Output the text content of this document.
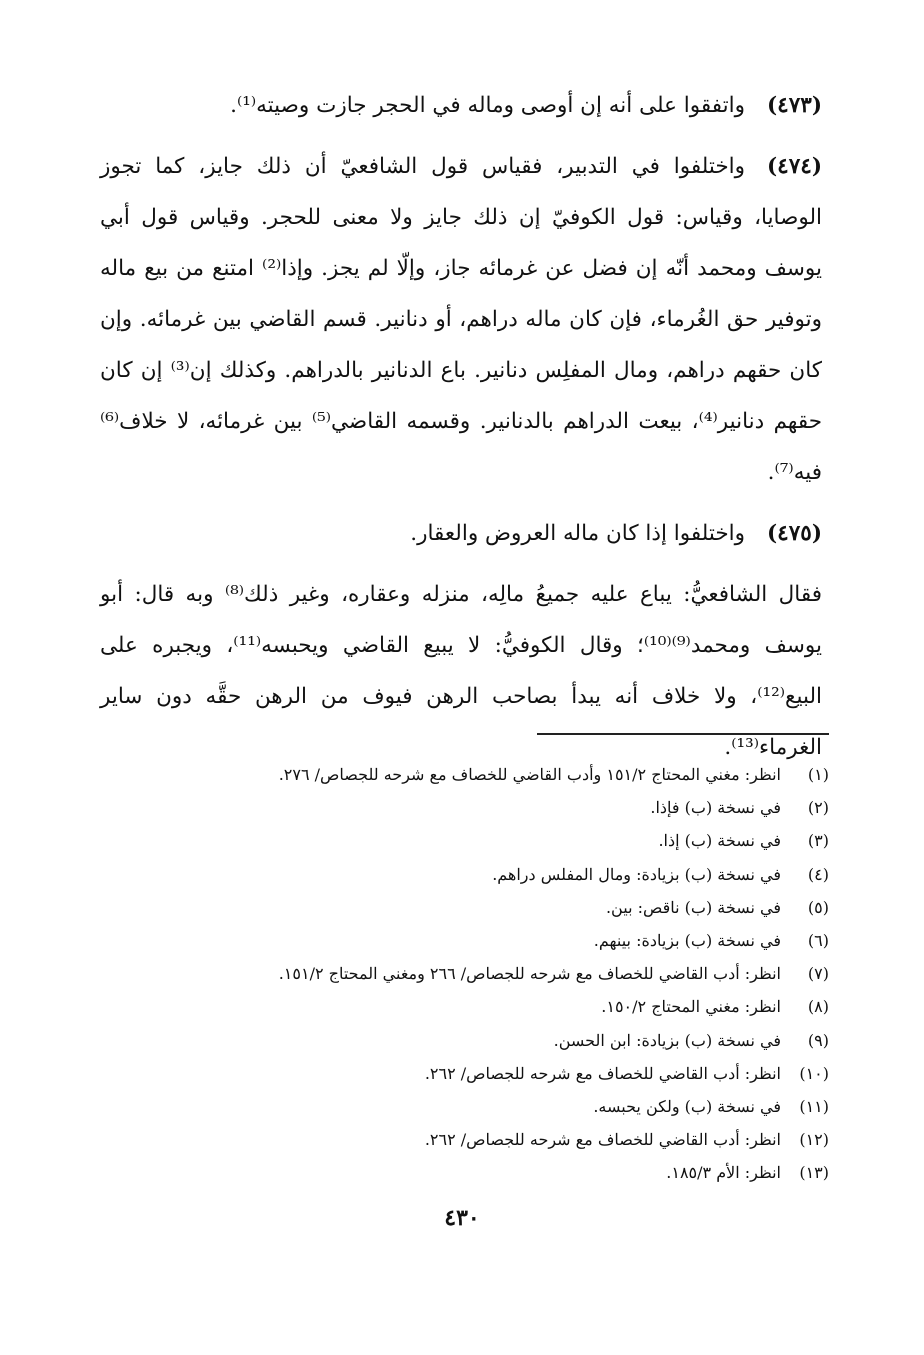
(٤٧٣)واتفقوا على أنه إن أوصى وماله في الحجر جازت وصيته⁽¹⁾.

(٤٧٤)واختلفوا في التدبير، فقياس قول الشافعيّ أن ذلك جايز، كما تجوز الوصايا، وقياس: قول الكوفيّ إن ذلك جايز ولا معنى للحجر. وقياس قول أبي يوسف ومحمد أنّه إن فضل عن غرمائه جاز، وإلّا لم يجز. وإذا⁽²⁾ امتنع من بيع ماله وتوفير حق الغُرماء، فإن كان ماله دراهم، أو دنانير. قسم القاضي بين غرمائه. وإن كان حقهم دراهم، ومال المفلِس دنانير. باع الدنانير بالدراهم. وكذلك إن⁽³⁾ إن كان حقهم دنانير⁽⁴⁾، بيعت الدراهم بالدنانير. وقسمه القاضي⁽⁵⁾ بين غرمائه، لا خلاف⁽⁶⁾ فيه⁽⁷⁾.

(٤٧٥)واختلفوا إذا كان ماله العروض والعقار.

فقال الشافعيُّ: يباع عليه جميعُ مالِه، منزله وعقاره، وغير ذلك⁽⁸⁾ وبه قال: أبو يوسف ومحمد⁽⁹⁾⁽¹⁰⁾؛ وقال الكوفيُّ: لا يبيع القاضي ويحبسه⁽¹¹⁾، ويجبره على البيع⁽¹²⁾، ولا خلاف أنه يبدأ بصاحب الرهن فيوف من الرهن حقَّه دون ساير الغرماء⁽¹³⁾.

(١)
انظر: مغني المحتاج ١٥١/٢ وأدب القاضي للخصاف مع شرحه للجصاص/ ٢٧٦.
(٢)
في نسخة (ب) فإذا.
(٣)
في نسخة (ب) إذا.
(٤)
في نسخة (ب) بزيادة: ومال المفلس دراهم.
(٥)
في نسخة (ب) ناقص: بين.
(٦)
في نسخة (ب) بزيادة: بينهم.
(٧)
انظر: أدب القاضي للخصاف مع شرحه للجصاص/ ٢٦٦ ومغني المحتاج ١٥١/٢.
(٨)
انظر: مغني المحتاج ١٥٠/٢.
(٩)
في نسخة (ب) بزيادة: ابن الحسن.
(١٠)
انظر: أدب القاضي للخصاف مع شرحه للجصاص/ ٢٦٢.
(١١)
في نسخة (ب) ولكن يحبسه.
(١٢)
انظر: أدب القاضي للخصاف مع شرحه للجصاص/ ٢٦٢.
(١٣)
انظر: الأم ١٨٥/٣.
٤٣٠
